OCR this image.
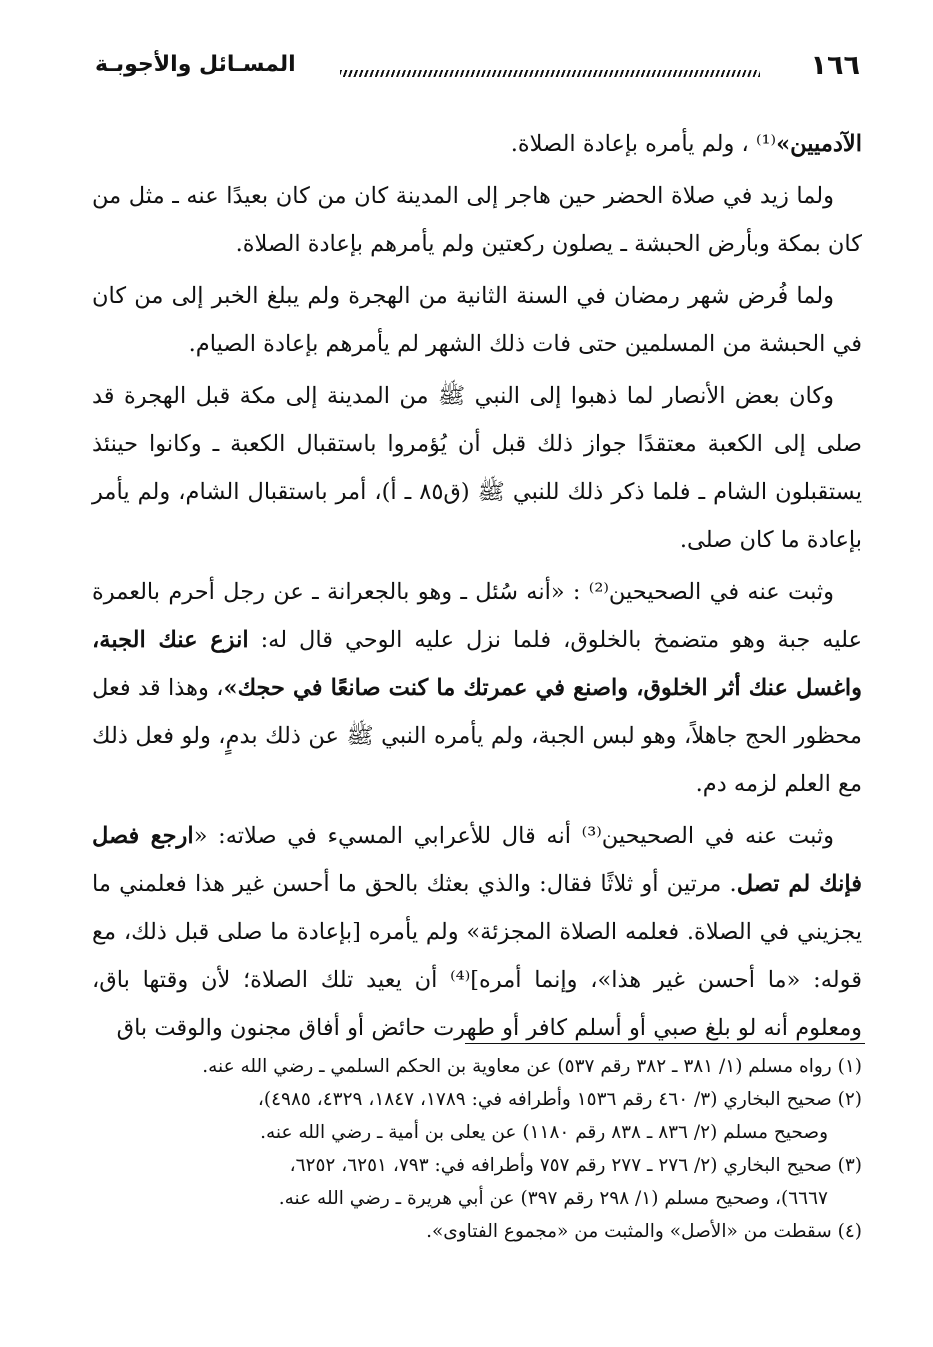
١٦٦
المسـائل والأجوبـة

الآدميين»⁽¹⁾ ، ولم يأمره بإعادة الصلاة.

ولما زيد في صلاة الحضر حين هاجر إلى المدينة كان من كان بعيدًا عنه ـ مثل من كان بمكة وبأرض الحبشة ـ يصلون ركعتين ولم يأمرهم بإعادة الصلاة.

ولما فُرض شهر رمضان في السنة الثانية من الهجرة ولم يبلغ الخبر إلى من كان في الحبشة من المسلمين حتى فات ذلك الشهر لم يأمرهم بإعادة الصيام.

وكان بعض الأنصار لما ذهبوا إلى النبي ﷺ من المدينة إلى مكة قبل الهجرة قد صلى إلى الكعبة معتقدًا جواز ذلك قبل أن يُؤمروا باستقبال الكعبة ـ وكانوا حينئذ يستقبلون الشام ـ فلما ذكر ذلك للنبي ﷺ (ق٨٥ ـ أ)، أمر باستقبال الشام، ولم يأمر بإعادة ما كان صلى.

وثبت عنه في الصحيحين⁽²⁾ : «أنه سُئل ـ وهو بالجعرانة ـ عن رجل أحرم بالعمرة عليه جبة وهو متضمخ بالخلوق، فلما نزل عليه الوحي قال له: انزع عنك الجبة، واغسل عنك أثر الخلوق، واصنع في عمرتك ما كنت صانعًا في حجك»، وهذا قد فعل محظور الحج جاهلاً، وهو لبس الجبة، ولم يأمره النبي ﷺ عن ذلك بدمٍ، ولو فعل ذلك مع العلم لزمه دم.

وثبت عنه في الصحيحين⁽³⁾ أنه قال للأعرابي المسيء في صلاته: «ارجع فصل فإنك لم تصل. مرتين أو ثلاثًا فقال: والذي بعثك بالحق ما أحسن غير هذا فعلمني ما يجزيني في الصلاة. فعلمه الصلاة المجزئة» ولم يأمره [بإعادة ما صلى قبل ذلك، مع قوله: «ما أحسن غير هذا»، وإنما أمره]⁽⁴⁾ أن يعيد تلك الصلاة؛ لأن وقتها باق، ومعلوم أنه لو بلغ صبي أو أسلم كافر أو طهرت حائض أو أفاق مجنون والوقت باق

(١) رواه مسلم (١/ ٣٨١ ـ ٣٨٢ رقم ٥٣٧) عن معاوية بن الحكم السلمي ـ رضي الله عنه.

(٢) صحيح البخاري (٣/ ٤٦٠ رقم ١٥٣٦ وأطرافه في: ١٧٨٩، ١٨٤٧، ٤٣٢٩، ٤٩٨٥)،

وصحيح مسلم (٢/ ٨٣٦ ـ ٨٣٨ رقم ١١٨٠) عن يعلى بن أمية ـ رضي الله عنه.

(٣) صحيح البخاري (٢/ ٢٧٦ ـ ٢٧٧ رقم ٧٥٧ وأطرافه في: ٧٩٣، ٦٢٥١، ٦٢٥٢،

٦٦٦٧)، وصحيح مسلم (١/ ٢٩٨ رقم ٣٩٧) عن أبي هريرة ـ رضي الله عنه.

(٤) سقطت من «الأصل» والمثبت من «مجموع الفتاوى».
